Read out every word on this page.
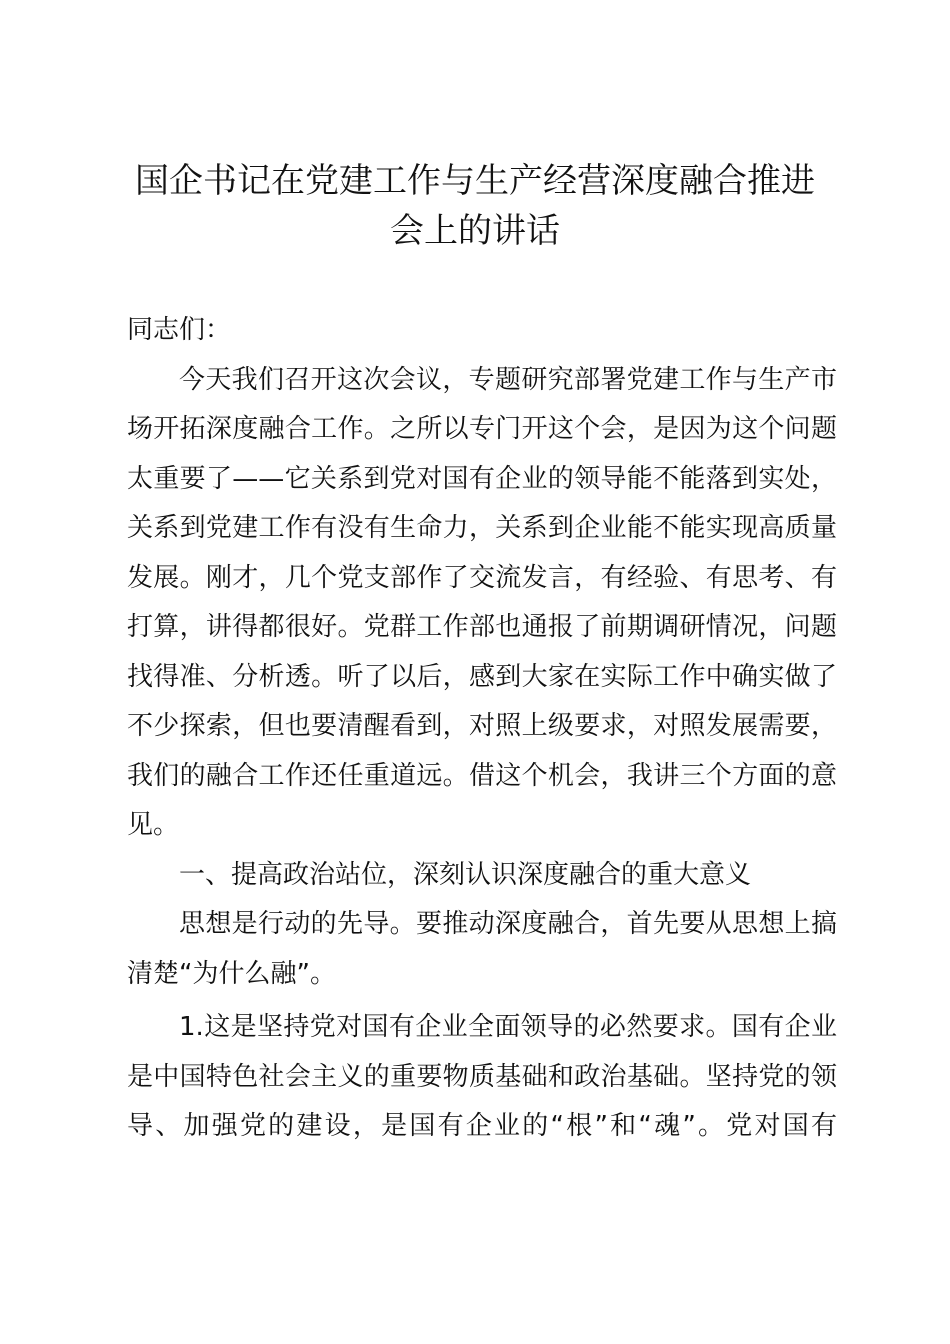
国企书记在党建工作与生产经营深度融合推进
会上的讲话
同志们：
今天我们召开这次会议，专题研究部署党建工作与生产市
场开拓深度融合工作。之所以专门开这个会，是因为这个问题
太重要了——它关系到党对国有企业的领导能不能落到实处，
关系到党建工作有没有生命力，关系到企业能不能实现高质量
发展。刚才，几个党支部作了交流发言，有经验、有思考、有
打算，讲得都很好。党群工作部也通报了前期调研情况，问题
找得准、分析透。听了以后，感到大家在实际工作中确实做了
不少探索，但也要清醒看到，对照上级要求，对照发展需要，
我们的融合工作还任重道远。借这个机会，我讲三个方面的意
见。
一、提高政治站位，深刻认识深度融合的重大意义
思想是行动的先导。要推动深度融合，首先要从思想上搞
清楚“为什么融”。
1.这是坚持党对国有企业全面领导的必然要求。国有企业
是中国特色社会主义的重要物质基础和政治基础。坚持党的领
导、加强党的建设，是国有企业的“根”和“魂”。党对国有
